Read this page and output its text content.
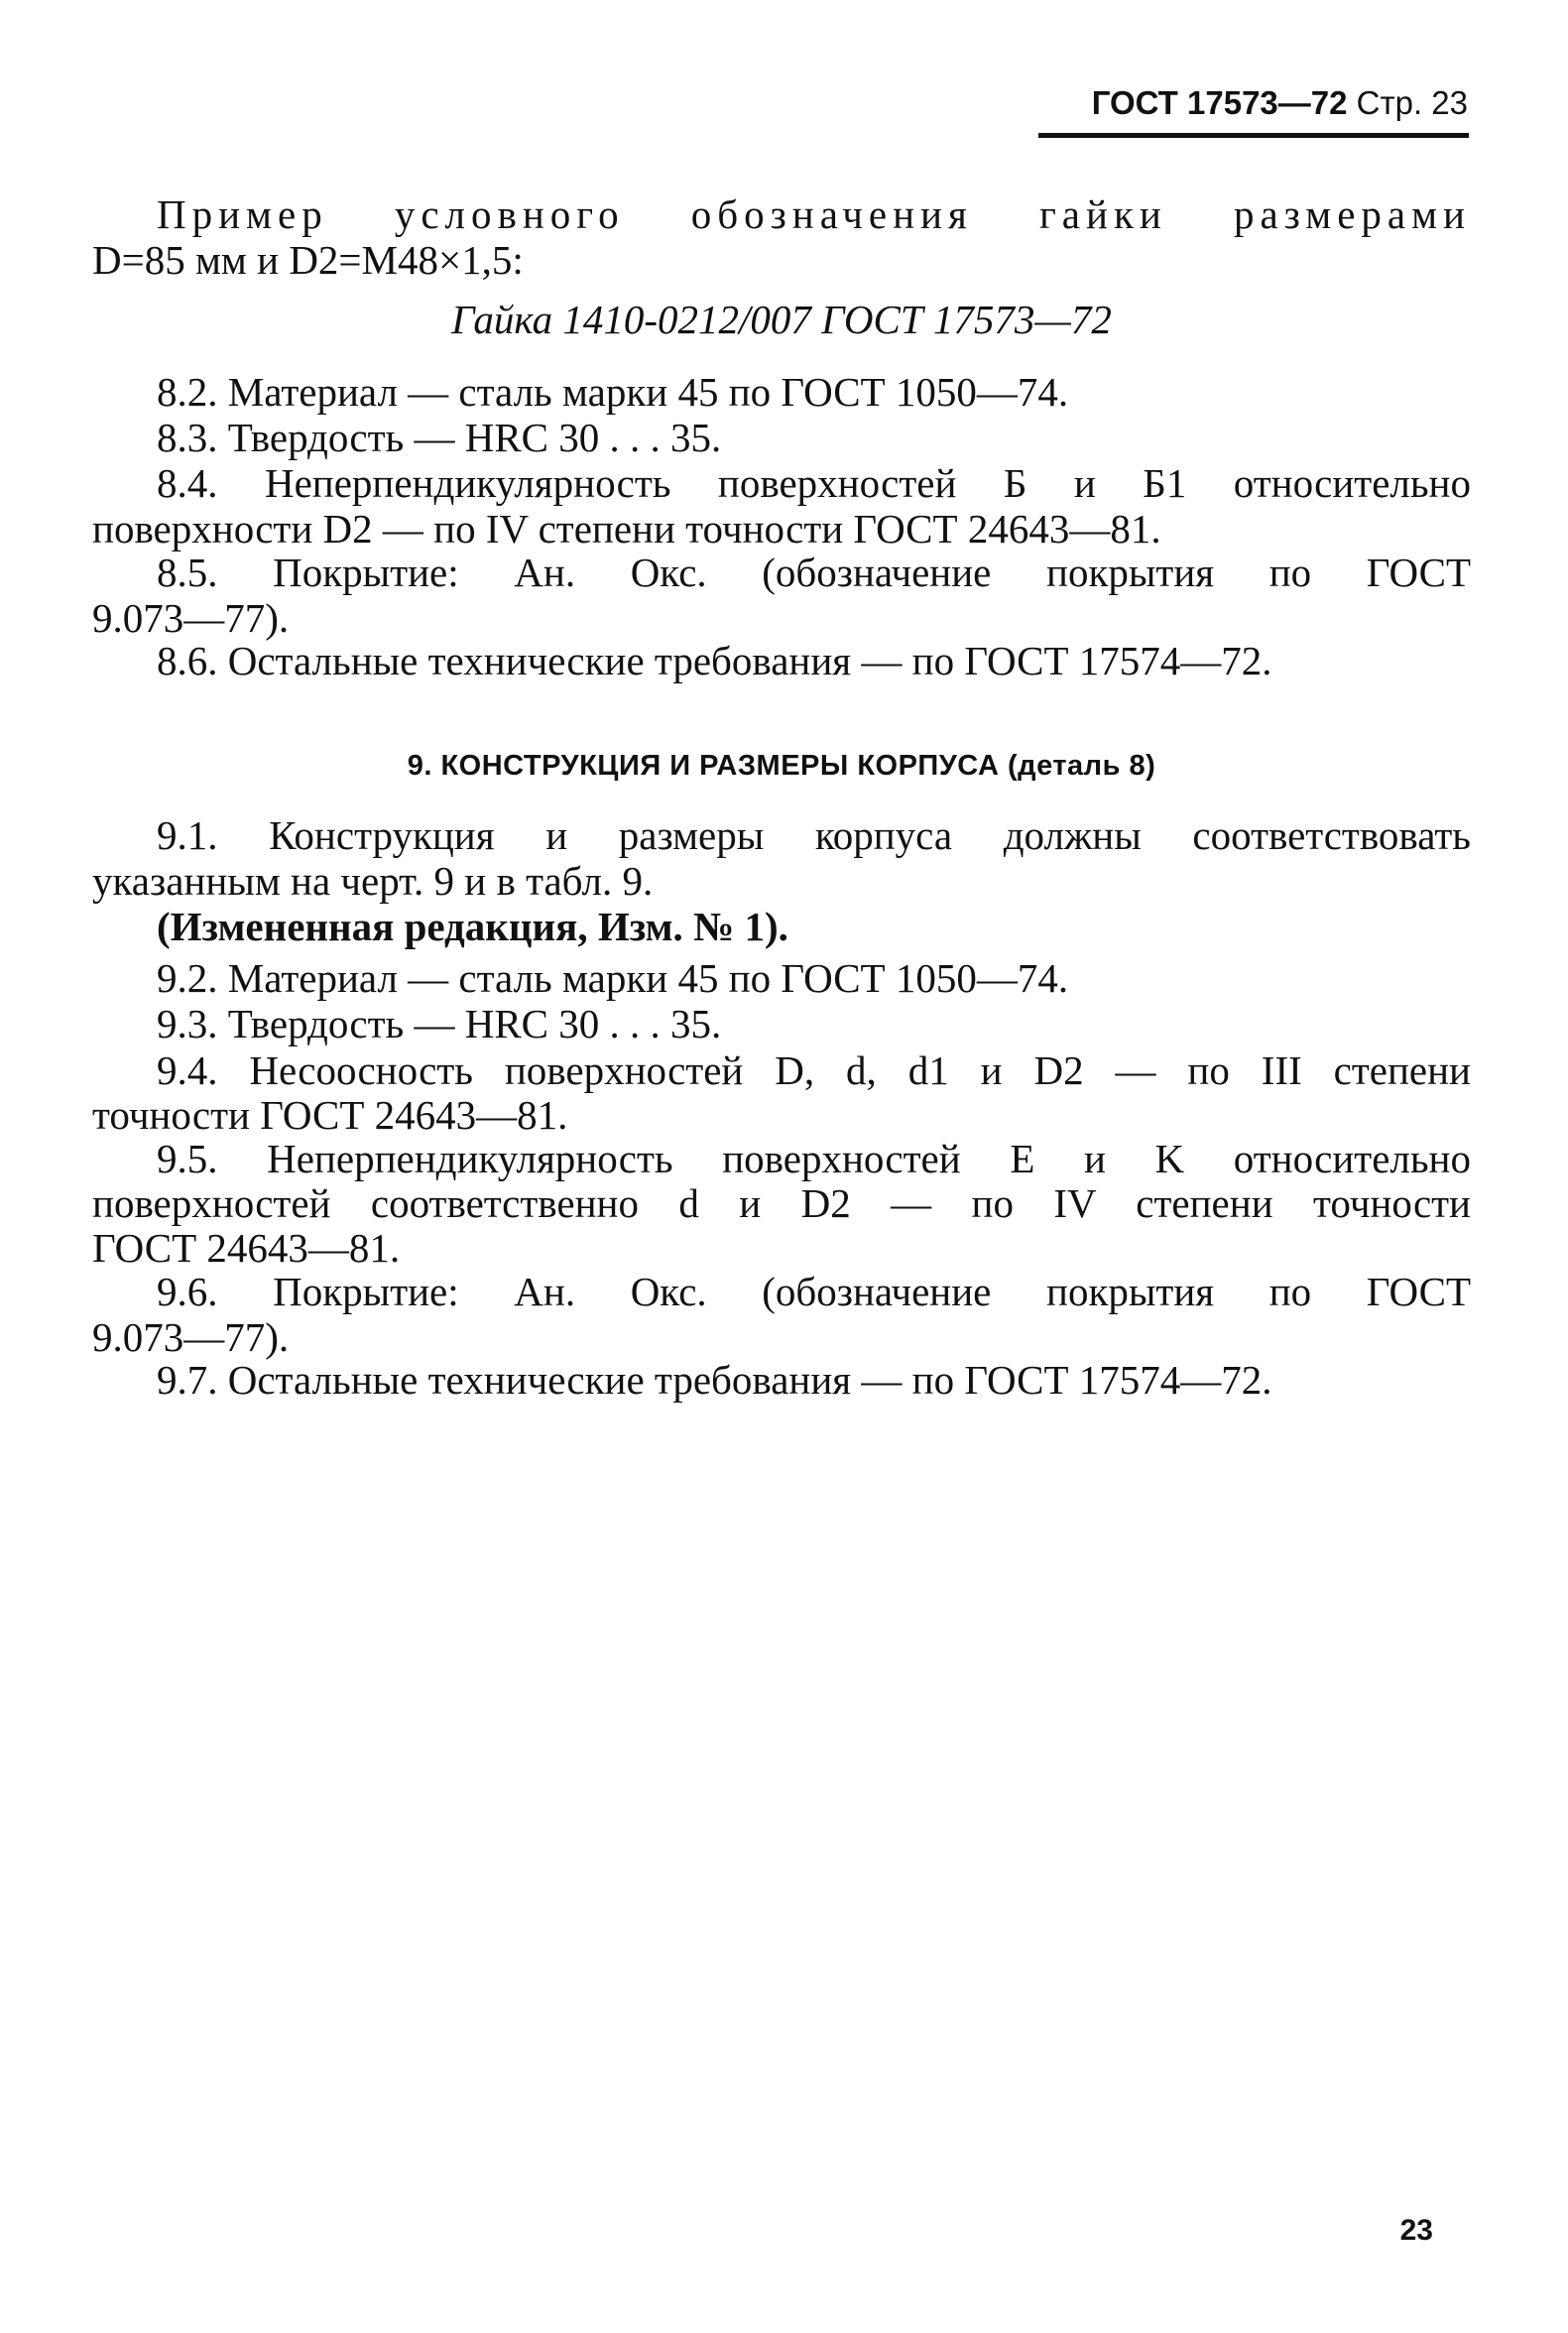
ГОСТ 17573—72 Стр. 23
Пример условного обозначения гайки размерами
D=85 мм и D2=M48×1,5:
Гайка 1410-0212/007 ГОСТ 17573—72
8.2. Материал — сталь марки 45 по ГОСТ 1050—74.
8.3. Твердость — HRC 30 . . . 35.
8.4. Неперпендикулярность поверхностей Б и Б1 относительно
поверхности D2 — по IV степени точности ГОСТ 24643—81.
8.5. Покрытие: Ан. Окс. (обозначение покрытия по ГОСТ
9.073—77).
8.6. Остальные технические требования — по ГОСТ 17574—72.
9. КОНСТРУКЦИЯ И РАЗМЕРЫ КОРПУСА (деталь 8)
9.1. Конструкция и размеры корпуса должны соответствовать
указанным на черт. 9 и в табл. 9.
(Измененная редакция, Изм. № 1).
9.2. Материал — сталь марки 45 по ГОСТ 1050—74.
9.3. Твердость — HRC 30 . . . 35.
9.4. Несоосность поверхностей D, d, d1 и D2 — по III степени
точности ГОСТ 24643—81.
9.5. Неперпендикулярность поверхностей E и K относительно
поверхностей соответственно d и D2 — по IV степени точности
ГОСТ 24643—81.
9.6. Покрытие: Ан. Окс. (обозначение покрытия по ГОСТ
9.073—77).
9.7. Остальные технические требования — по ГОСТ 17574—72.
23
